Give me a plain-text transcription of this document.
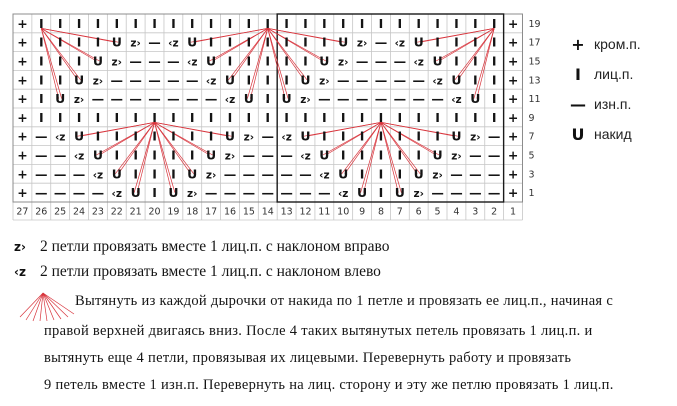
+ I I I I I I I I I I I I I I I I I I I I I I I I I + 19
+ I I I I U z› — ‹z U I I I I I I I U z› — ‹z U I I I I + 17
+ I I I U z› — — — ‹z U I I I I I U z› — — — ‹z U I I I + 15
+ I I U z› — — — — — ‹z U I I I U z› — — — — — ‹z U I I + 13
+ I U z› — — — — — — — ‹z U I U z› — — — — — — — ‹z U I + 11
+ I I I I I I I I I I I I I I I I I I I I I I I I I + 9
+ — ‹z U I I I I I I I U z› — ‹z U I I I I I I I U z› — + 7
+ — — ‹z U I I I I I U z› — — — ‹z U I I I I I U z› — — + 5
+ — — — ‹z U I I I U z› — — — — — ‹z U I I I U z› — — — + 3
+ — — — — ‹z U I U z› — — — — — — — ‹z U I U z› — — — — + 1
27 26 25 24 23 22 21 20 19 18 17 16 15 14 13 12 11 10 9 8 7 6 5 4 3 2 1
+ кром.п.
I лиц.п.
— изн.п.
U накид
z› 2 петли провязать вместе 1 лиц.п. с наклоном вправо
‹z 2 петли провязать вместе 1 лиц.п. с наклоном влево
Вытянуть из каждой дырочки от накида по 1 петле и провязать ее лиц.п., начиная с
правой верхней двигаясь вниз. После 4 таких вытянутых петель провязать 1 лиц.п. и
вытянуть еще 4 петли, провязывая их лицевыми. Перевернуть работу и провязать
9 петель вместе 1 изн.п. Перевернуть на лиц. сторону и эту же петлю провязать 1 лиц.п.
